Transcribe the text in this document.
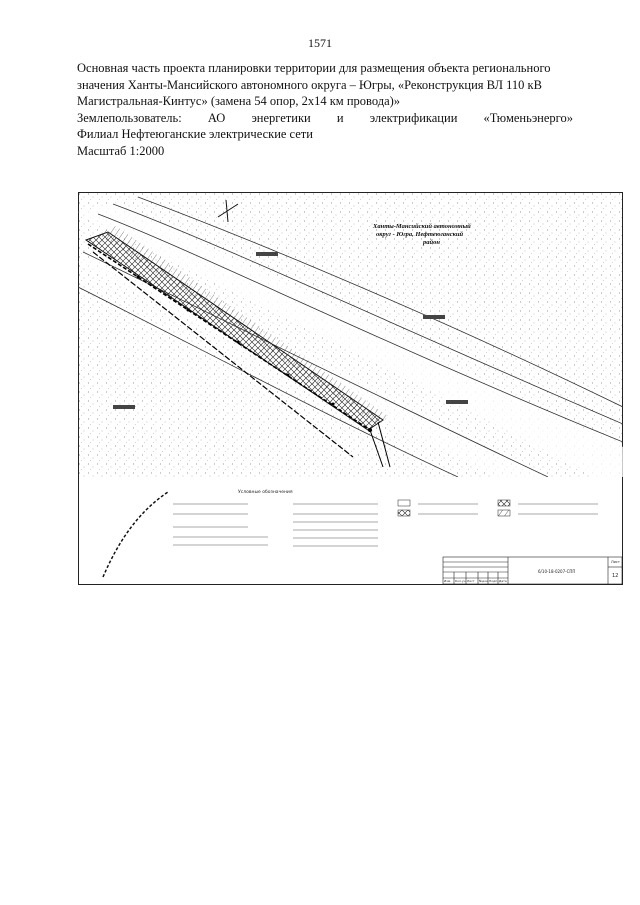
1571

Основная часть проекта планировки территории для размещения объекта регионального

значения Ханты-Мансийского автономного округа – Югры, «Реконструкция ВЛ 110 кВ

Магистральная-Кинтус» (замена 54 опор, 2х14 км провода)»

Землепользователь: АО энергетики и электрификации «Тюменьэнерго»

Филиал Нефтеюганские электрические сети

Масштаб 1:2000

Ханты-Мансийский автономный
округ - Югра, Нефтеюганский
район
Условные обозначения
Изм. Кол.уч. Лист №док. Подп. Дата
6/10-18-0207-СПП
Лист
12
